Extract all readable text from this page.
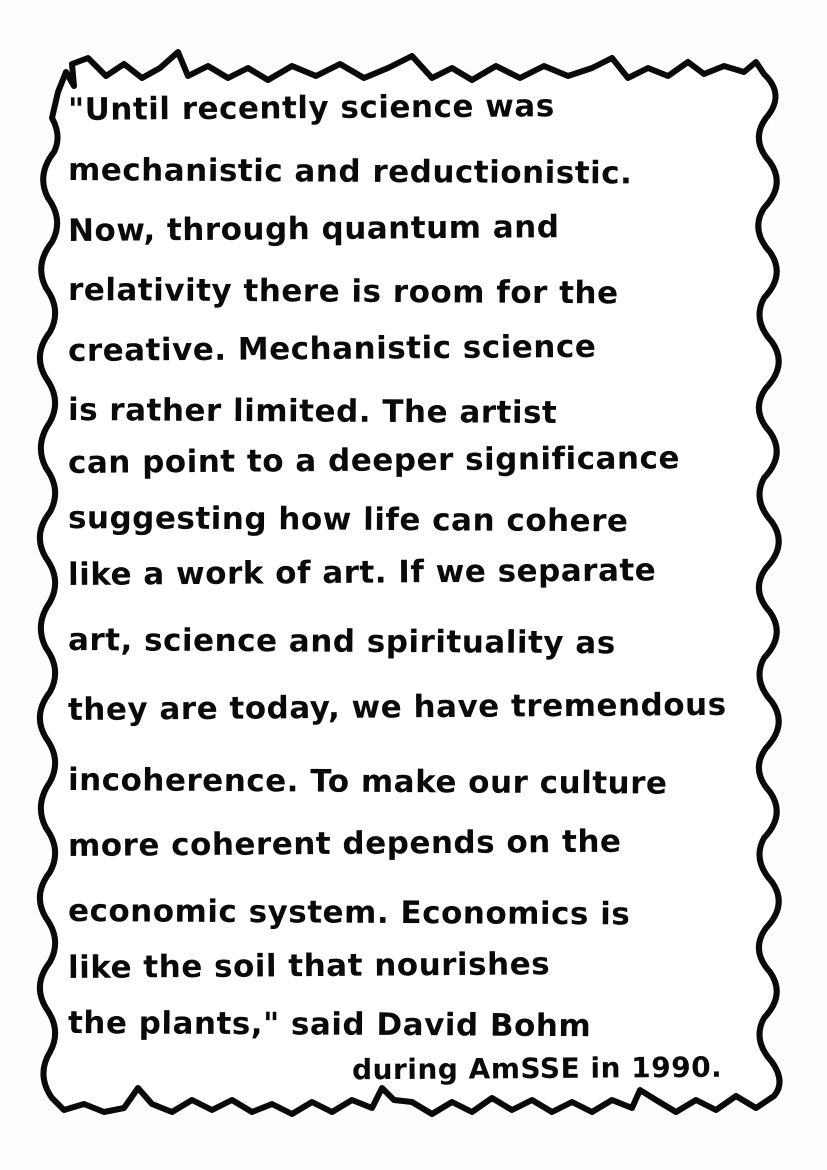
"Until recently science was
mechanistic and reductionistic.
Now, through quantum and
relativity there is room for the
creative. Mechanistic science
is rather limited. The artist
can point to a deeper significance
suggesting how life can cohere
like a work of art. If we separate
art, science and spirituality as
they are today, we have tremendous
incoherence. To make our culture
more coherent depends on the
economic system. Economics is
like the soil that nourishes
the plants," said David Bohm
during AmSSE in 1990.
